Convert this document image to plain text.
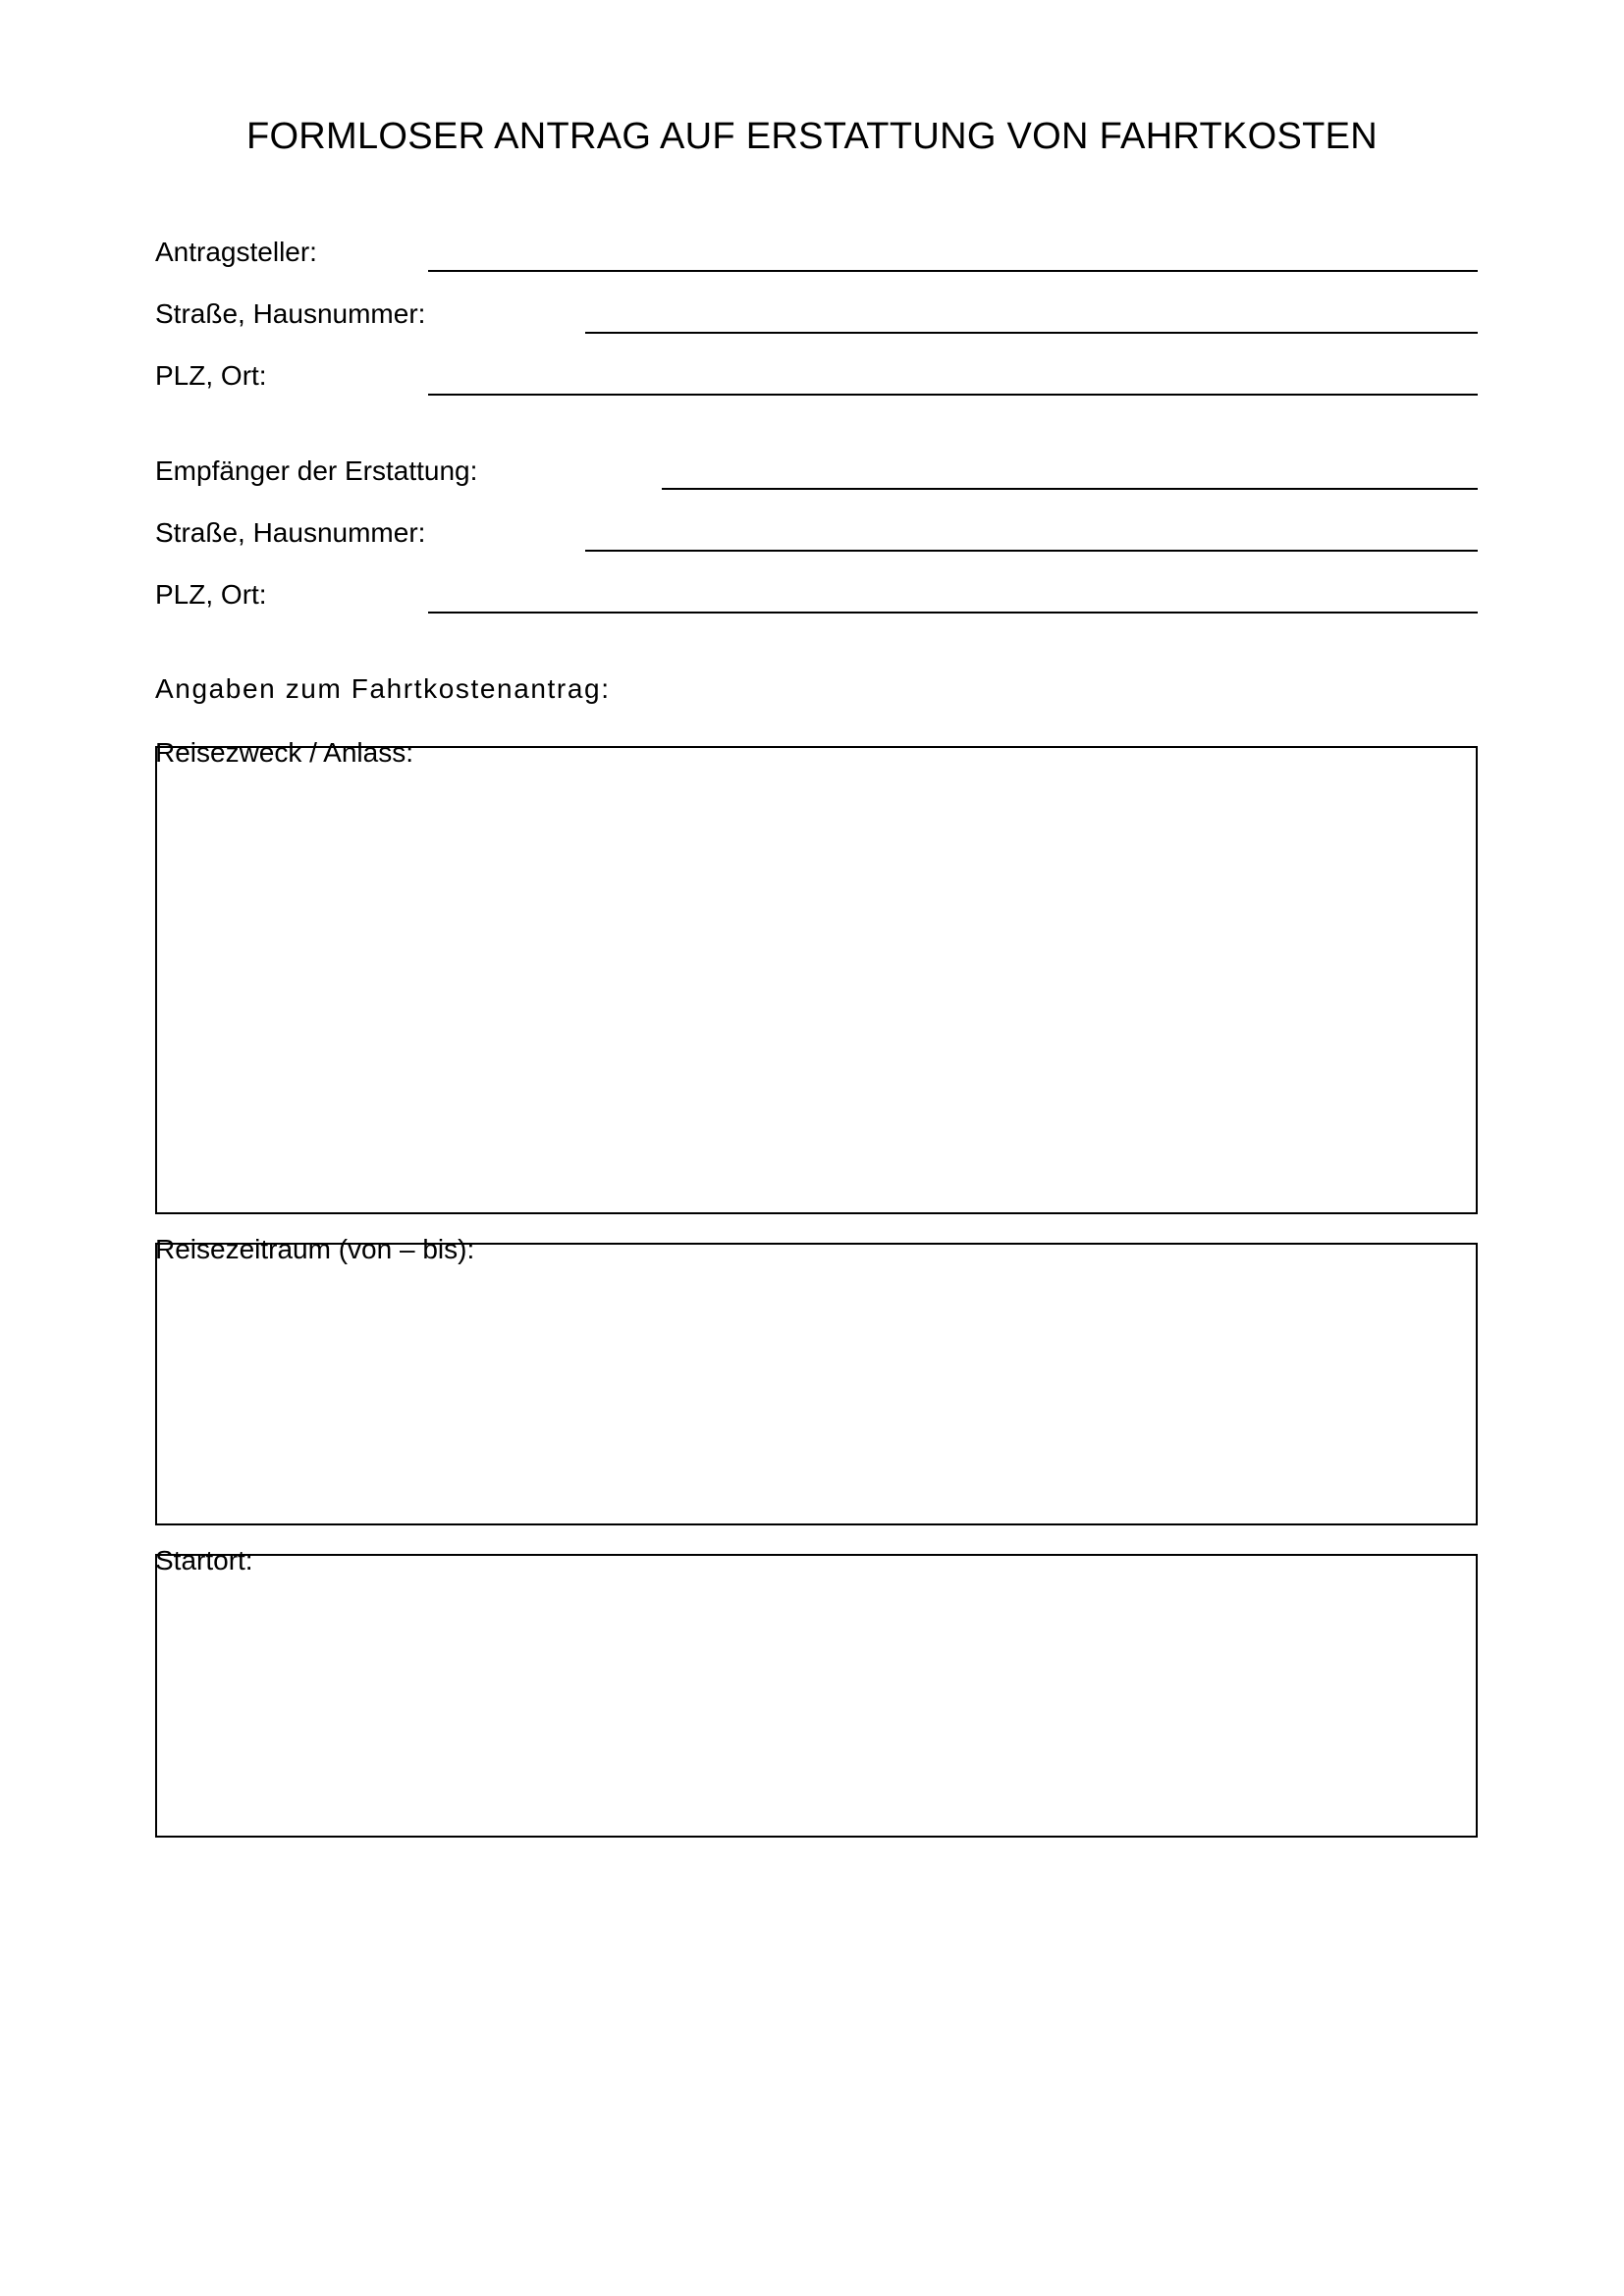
FORMLOSER ANTRAG AUF ERSTATTUNG VON FAHRTKOSTEN
Antragsteller:
Straße, Hausnummer:
PLZ, Ort:
Empfänger der Erstattung:
Straße, Hausnummer:
PLZ, Ort:
Angaben zum Fahrtkostenantrag:
Reisezweck / Anlass:
Reisezeitraum (von – bis):
Startort:
